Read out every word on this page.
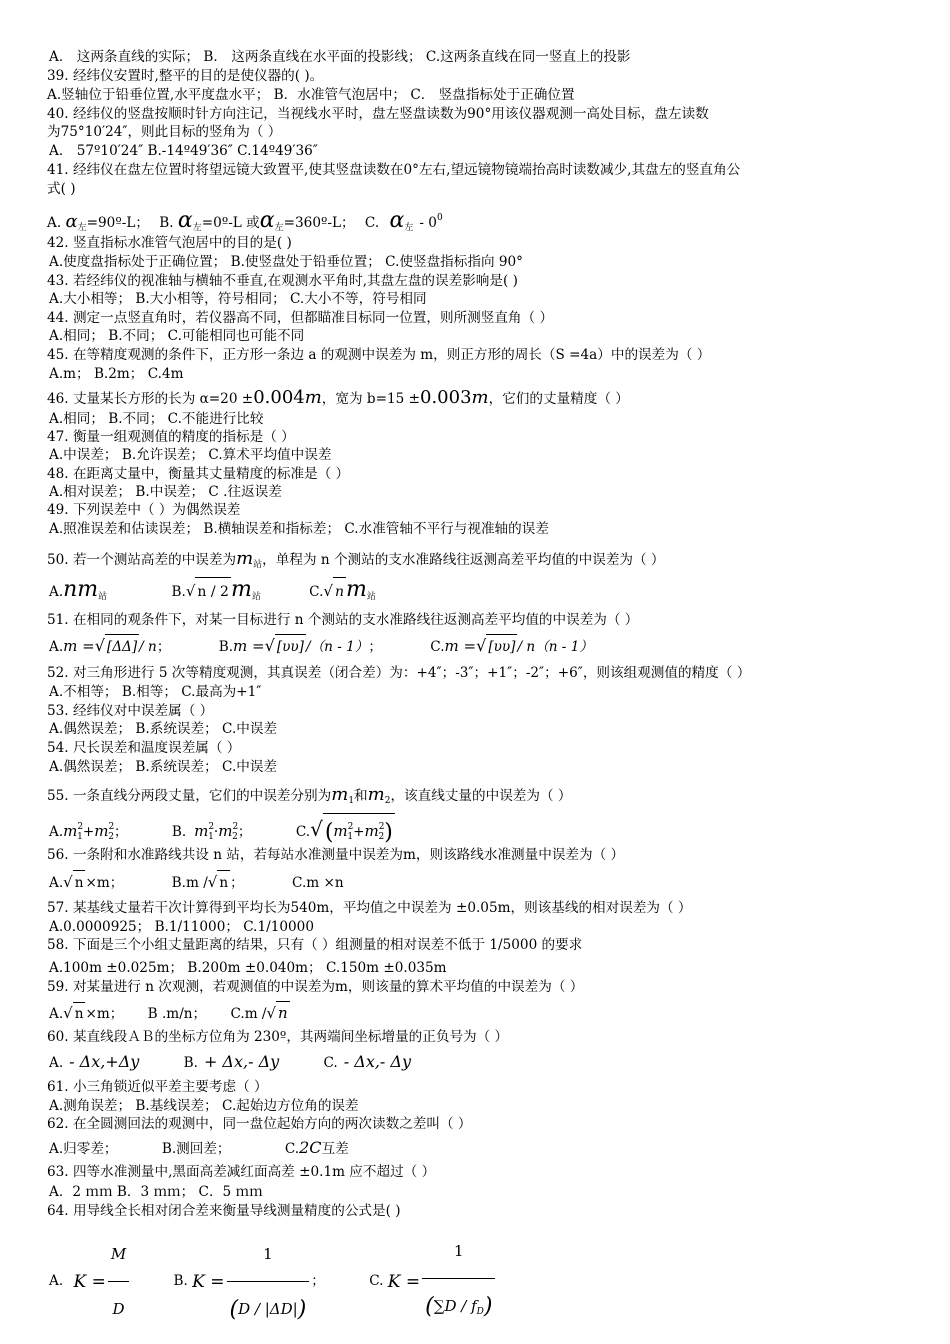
A． 这两条直线的实际； B． 这两条直线在水平面的投影线； C.这两条直线在同一竖直上的投影
39. 经纬仪安置时,整平的目的是使仪器的( )。
A.竖轴位于铅垂位置,水平度盘水平； B．水准管气泡居中； C． 竖盘指标处于正确位置
40. 经纬仪的竖盘按顺时针方向注记，当视线水平时，盘左竖盘读数为90°用该仪器观测一高处目标，盘左读数
为75°10′24″，则此目标的竖角为（ ）
A． 57º10′24″ B.-14º49′36″ C.14º49′36″
41. 经纬仪在盘左位置时将望远镜大致置平,使其竖盘读数在0°左右,望远镜物镜端抬高时读数减少,其盘左的竖直角公
式( )
A. α左=90º-L； B. α左=0º-L 或α左=360º-L； C. α左 - 00
42. 竖直指标水准管气泡居中的目的是( )
A.使度盘指标处于正确位置； B.使竖盘处于铅垂位置； C.使竖盘指标指向 90°
43. 若经纬仪的视准轴与横轴不垂直,在观测水平角时,其盘左盘的误差影响是( )
A.大小相等； B.大小相等，符号相同； C.大小不等，符号相同
44. 测定一点竖直角时，若仪器高不同，但都瞄准目标同一位置，则所测竖直角（ ）
A.相同； B.不同； C.可能相同也可能不同
45. 在等精度观测的条件下，正方形一条边 a 的观测中误差为 m，则正方形的周长（S =4a）中的误差为（ ）
A.m； B.2m； C.4m
46. 丈量某长方形的长为 α=20 ±0.004m，宽为 b=15 ±0.003m，它们的丈量精度（ ）
A.相同； B.不同； C.不能进行比较
47. 衡量一组观测值的精度的指标是（ ）
A.中误差； B.允许误差； C.算术平均值中误差
48. 在距离丈量中，衡量其丈量精度的标准是（ ）
A.相对误差； B.中误差； C .往返误差
49. 下列误差中（ ）为偶然误差
A.照准误差和估读误差； B.横轴误差和指标差； C.水准管轴不平行与视准轴的误差
50. 若一个测站高差的中误差为m站，单程为 n 个测站的支水准路线往返测高差平均值的中误差为（ ）
A.nm站	B.√ n / 2m站	C.√ nm站
51. 在相同的观条件下，对某一目标进行 n 个测站的支水准路线往返测高差平均值的中误差为（ ）
A.m =√ [ΔΔ] / n；	B.m =√ [υυ] /（n - 1）；	C.m =√ [υυ] / n（n - 1）
52. 对三角形进行 5 次等精度观测，其真误差（闭合差）为：+4″；-3″；+1″；-2″；+6″，则该组观测值的精度（ ）
A.不相等； B.相等； C.最高为+1″
53. 经纬仪对中误差属（ ）
A.偶然误差； B.系统误差； C.中误差
54. 尺长误差和温度误差属（ ）
A.偶然误差； B.系统误差； C.中误差
55. 一条直线分两段丈量，它们的中误差分别为m1和m2，该直线丈量的中误差为（ ）
A.m21+m22；	B. m21·m22；	C.√(m21+m22)
56. 一条附和水准路线共设 n 站，若每站水准测量中误差为m，则该路线水准测量中误差为（ ）
A.√ n×m；	B.m /√ n ；	C.m ×n
57. 某基线丈量若干次计算得到平均长为540m，平均值之中误差为 ±0.05m，则该基线的相对误差为（ ）
A.0.0000925； B.1/11000； C.1/10000
58. 下面是三个小组丈量距离的结果，只有（ ）组测量的相对误差不低于 1/5000 的要求
A.100m ±0.025m； B.200m ±0.040m； C.150m ±0.035m
59. 对某量进行 n 次观测，若观测值的中误差为m，则该量的算术平均值的中误差为（ ）
A.√ n×m； B .m/n； C.m /√ n
60. 某直线段ＡＢ的坐标方位角为 230º，其两端间坐标增量的正负号为（ ）
A. - Δx,+Δy	B. + Δx,- Δy	C. - Δx,- Δy
61. 小三角锁近似平差主要考虑（ ）
A.测角误差； B.基线误差； C.起始边方位角的误差
62. 在全圆测回法的观测中，同一盘位起始方向的两次读数之差叫（ ）
A.归零差；	B.测回差；	C.2C互差
63. 四等水准测量中,黑面高差减红面高差 ±0.1m 应不超过（ ）
A．2 ｍｍ B．3 ｍｍ； C．5 ｍｍ
64. 用导线全长相对闭合差来衡量导线测量精度的公式是( )
A. $K = \frac{M}{D}$	B. $K = \frac{1}{(D / |\Delta D|)}$ ；	C. $K = \frac{1}{(\sum D / fD)}$
